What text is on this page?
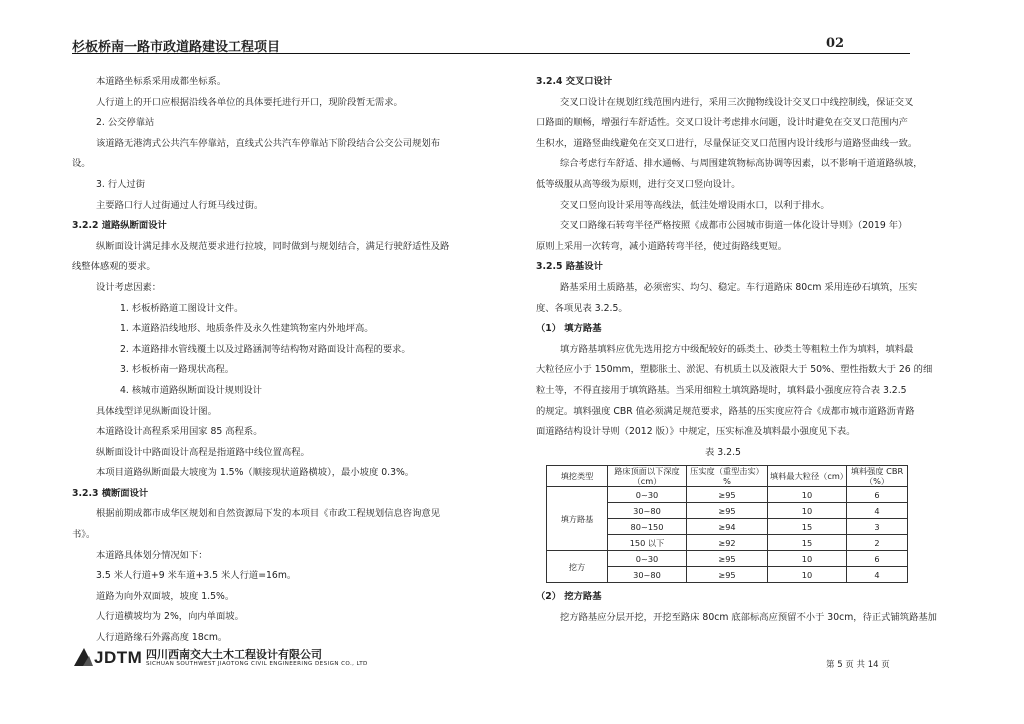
杉板桥南一路市政道路建设工程项目	02

本道路坐标系采用成都坐标系。

人行道上的开口应根据沿线各单位的具体要托进行开口，现阶段暂无需求。

2. 公交停靠站

该道路无港湾式公共汽车停靠站，直线式公共汽车停靠站下阶段结合公交公司规划布

设。

3. 行人过街

主要路口行人过街通过人行斑马线过街。

3.2.2 道路纵断面设计

纵断面设计满足排水及规范要求进行拉坡，同时做到与规划结合，满足行驶舒适性及路

线整体感观的要求。

设计考虑因素：

1. 杉板桥路道工图设计文件。

1. 本道路沿线地形、地质条件及永久性建筑物室内外地坪高。

2. 本道路排水管线覆土以及过路涵洞等结构物对路面设计高程的要求。

3. 杉板桥南一路现状高程。

4. 核城市道路纵断面设计规则设计

具体线型详见纵断面设计图。

本道路设计高程系采用国家 85 高程系。

纵断面设计中路面设计高程是指道路中线位置高程。

本项目道路纵断面最大坡度为 1.5%（顺接现状道路横坡），最小坡度 0.3%。

3.2.3 横断面设计

根据前期成都市成华区规划和自然资源局下发的本项目《市政工程规划信息咨询意见

书》。

本道路具体划分情况如下：

3.5 米人行道+9 米车道+3.5 米人行道=16m。

道路为向外双面坡，坡度 1.5%。

人行道横坡均为 2%，向内单面坡。

人行道路缘石外露高度 18cm。

3.2.4 交叉口设计

交叉口设计在规划红线范围内进行，采用三次抛物线设计交叉口中线控制线，保证交叉

口路面的顺畅，增强行车舒适性。交叉口设计考虑排水问题，设计时避免在交叉口范围内产

生积水，道路竖曲线避免在交叉口进行，尽量保证交叉口范围内设计线形与道路竖曲线一致。

综合考虑行车舒适、排水通畅、与周围建筑物标高协调等因素，以不影响干道道路纵坡，

低等级服从高等级为原则，进行交叉口竖向设计。

交叉口竖向设计采用等高线法，低洼处增设雨水口，以利于排水。

交叉口路缘石转弯半径严格按照《成都市公园城市街道一体化设计导则》（2019 年）

原则上采用一次转弯，减小道路转弯半径，使过街路线更短。

3.2.5 路基设计

路基采用土质路基，必须密实、均匀、稳定。车行道路床 80cm 采用连砂石填筑，压实

度、各项见表 3.2.5。

（1） 填方路基

填方路基填料应优先选用挖方中级配较好的砾类土、砂类土等粗粒土作为填料，填料最

大粒径应小于 150mm，塑膨胀土、淤泥、有机质土以及液限大于 50%、塑性指数大于 26 的细

粒土等，不得直接用于填筑路基。当采用细粒土填筑路堤时，填料最小强度应符合表 3.2.5

的规定。填料强度 CBR 值必须满足规范要求，路基的压实度应符合《成都市城市道路沥青路

面道路结构设计导则（2012 版）》中规定，压实标准及填料最小强度见下表。

表 3.2.5
填挖类型	路床顶面以下深度（cm）	压实度（重型击实）%	填料最大粒径（cm）	填料强度 CBR（%）
填方路基	0~30	≥95	10	6
	30~80	≥95	10	4
	80~150	≥94	15	3
	150 以下	≥92	15	2
挖方	0~30	≥95	10	6
	30~80	≥95	10	4

（2） 挖方路基

挖方路基应分层开挖，开挖至路床 80cm 底部标高应预留不小于 30cm，待正式铺筑路基加

JDTM 四川西南交大土木工程设计有限公司
SICHUAN SOUTHWEST JIAOTONG CIVIL ENGINEERING DESIGN CO., LTD	第 5 页 共 14 页
